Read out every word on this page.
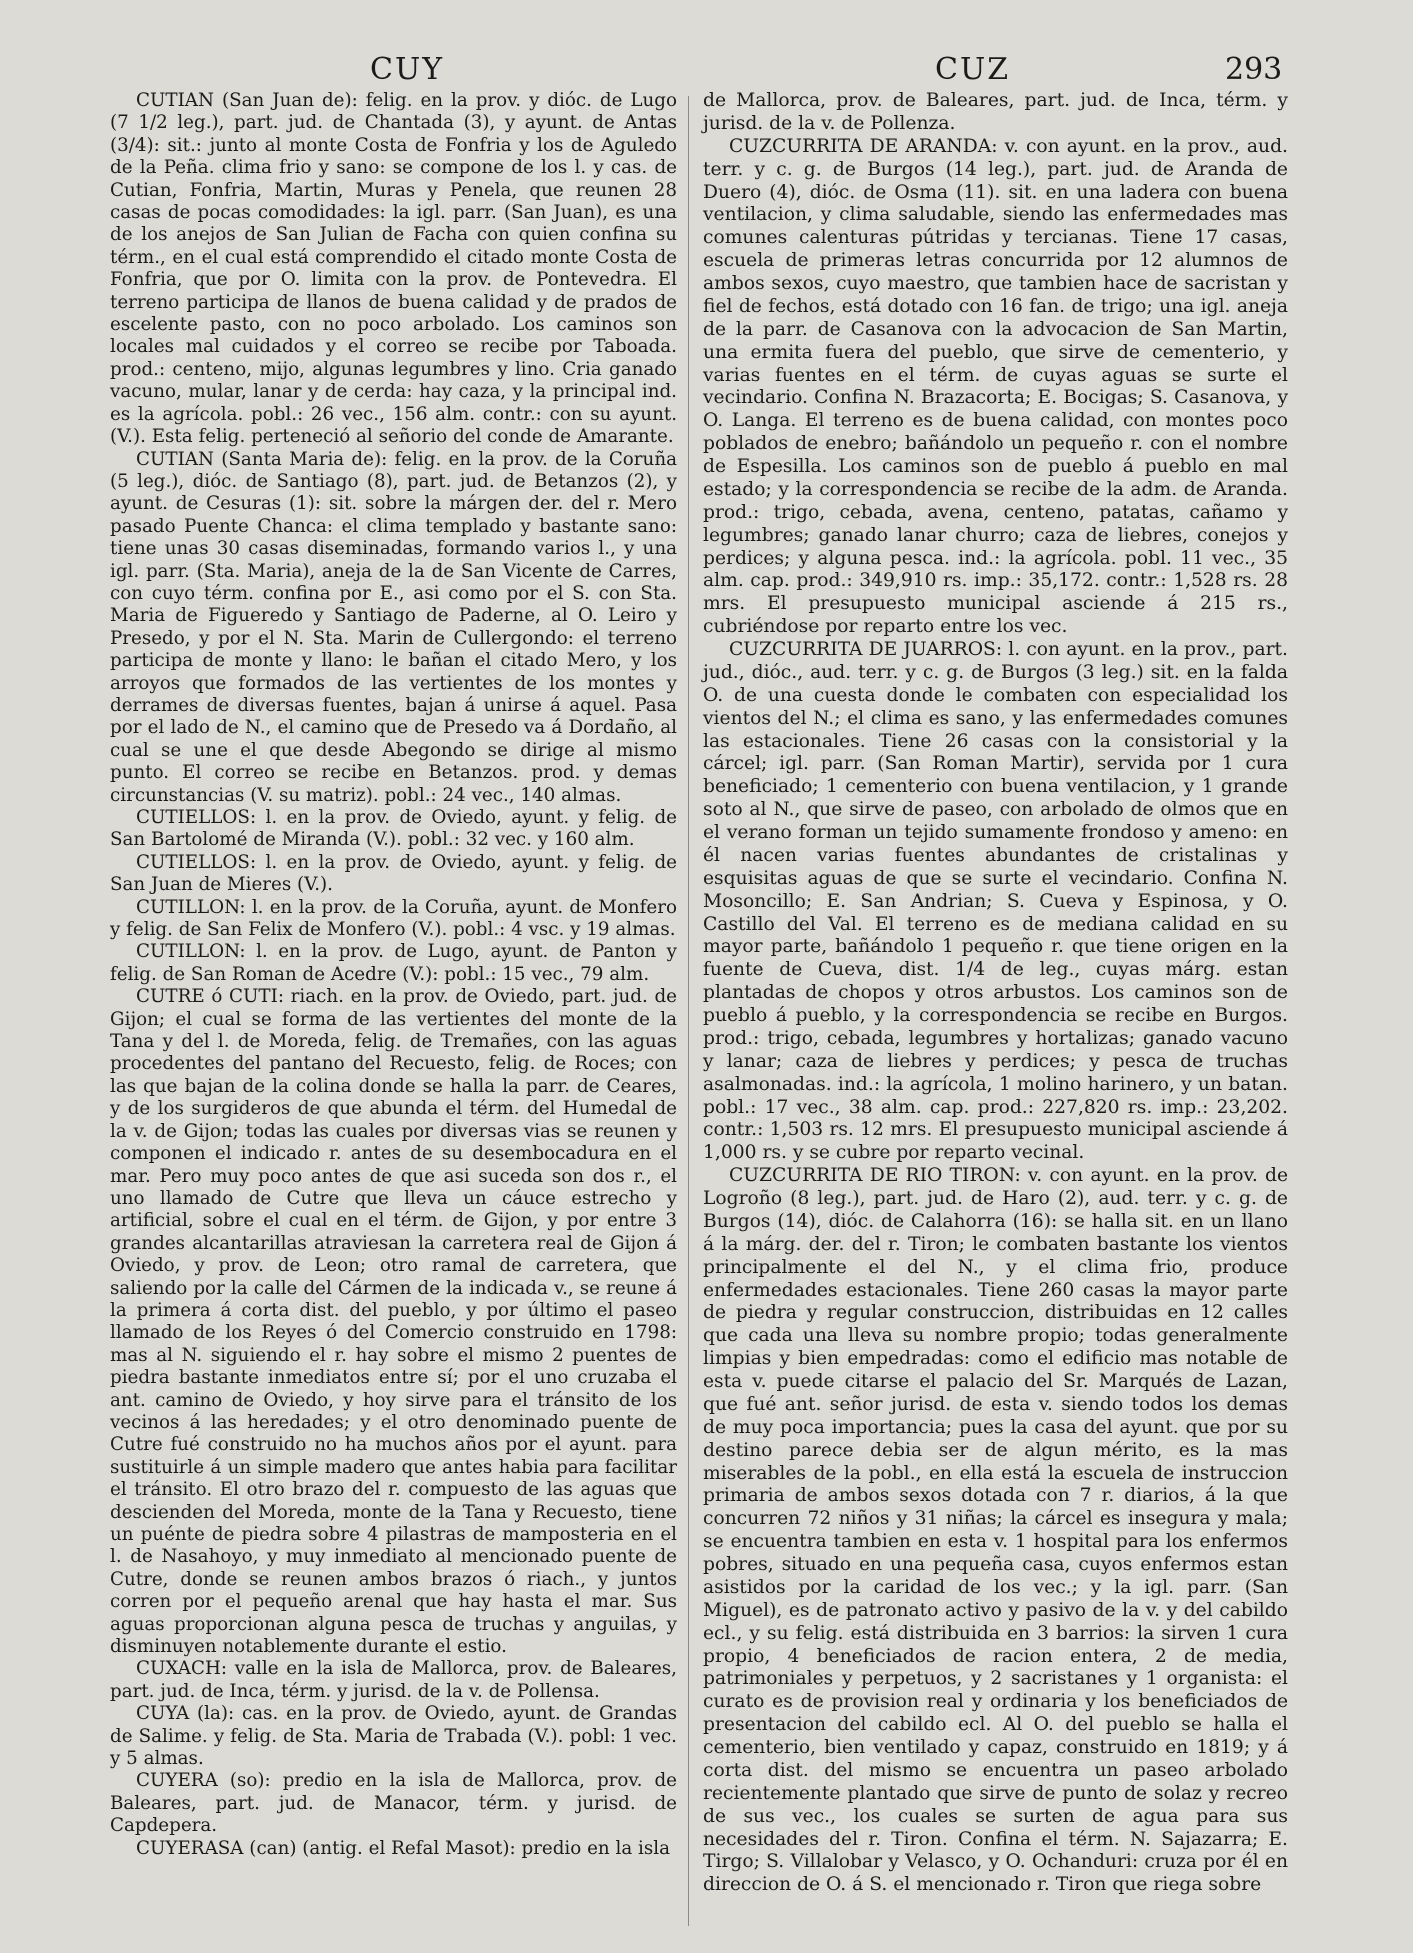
CUY	CUZ	293

CUTIAN (San Juan de): felig. en la prov. y dióc. de Lugo (7 1/2 leg.), part. jud. de Chantada (3), y ayunt. de Antas (3/4): sit.: junto al monte Costa de Fonfria y los de Aguledo de la Peña. clima frio y sano: se compone de los l. y cas. de Cutian, Fonfria, Martin, Muras y Penela, que reunen 28 casas de pocas comodidades: la igl. parr. (San Juan), es una de los anejos de San Julian de Facha con quien confina su térm., en el cual está comprendido el citado monte Costa de Fonfria, que por O. limita con la prov. de Pontevedra. El terreno participa de llanos de buena calidad y de prados de escelente pasto, con no poco arbolado. Los caminos son locales mal cuidados y el correo se recibe por Taboada. prod.: centeno, mijo, algunas legumbres y lino. Cria ganado vacuno, mular, lanar y de cerda: hay caza, y la principal ind. es la agrícola. pobl.: 26 vec., 156 alm. contr.: con su ayunt. (V.). Esta felig. perteneció al señorio del conde de Amarante.

CUTIAN (Santa Maria de): felig. en la prov. de la Coruña (5 leg.), dióc. de Santiago (8), part. jud. de Betanzos (2), y ayunt. de Cesuras (1): sit. sobre la márgen der. del r. Mero pasado Puente Chanca: el clima templado y bastante sano: tiene unas 30 casas diseminadas, formando varios l., y una igl. parr. (Sta. Maria), aneja de la de San Vicente de Carres, con cuyo térm. confina por E., asi como por el S. con Sta. Maria de Figueredo y Santiago de Paderne, al O. Leiro y Presedo, y por el N. Sta. Marin de Cullergondo: el terreno participa de monte y llano: le bañan el citado Mero, y los arroyos que formados de las vertientes de los montes y derrames de diversas fuentes, bajan á unirse á aquel. Pasa por el lado de N., el camino que de Presedo va á Dordaño, al cual se une el que desde Abegondo se dirige al mismo punto. El correo se recibe en Betanzos. prod. y demas circunstancias (V. su matriz). pobl.: 24 vec., 140 almas.

CUTIELLOS: l. en la prov. de Oviedo, ayunt. y felig. de San Bartolomé de Miranda (V.). pobl.: 32 vec. y 160 alm.

CUTIELLOS: l. en la prov. de Oviedo, ayunt. y felig. de San Juan de Mieres (V.).

CUTILLON: l. en la prov. de la Coruña, ayunt. de Monfero y felig. de San Felix de Monfero (V.). pobl.: 4 vsc. y 19 almas.

CUTILLON: l. en la prov. de Lugo, ayunt. de Panton y felig. de San Roman de Acedre (V.): pobl.: 15 vec., 79 alm.

CUTRE ó CUTI: riach. en la prov. de Oviedo, part. jud. de Gijon; el cual se forma de las vertientes del monte de la Tana y del l. de Moreda, felig. de Tremañes, con las aguas procedentes del pantano del Recuesto, felig. de Roces; con las que bajan de la colina donde se halla la parr. de Ceares, y de los surgideros de que abunda el térm. del Humedal de la v. de Gijon; todas las cuales por diversas vias se reunen y componen el indicado r. antes de su desembocadura en el mar. Pero muy poco antes de que asi suceda son dos r., el uno llamado de Cutre que lleva un cáuce estrecho y artificial, sobre el cual en el térm. de Gijon, y por entre 3 grandes alcantarillas atraviesan la carretera real de Gijon á Oviedo, y prov. de Leon; otro ramal de carretera, que saliendo por la calle del Cármen de la indicada v., se reune á la primera á corta dist. del pueblo, y por último el paseo llamado de los Reyes ó del Comercio construido en 1798: mas al N. siguiendo el r. hay sobre el mismo 2 puentes de piedra bastante inmediatos entre sí; por el uno cruzaba el ant. camino de Oviedo, y hoy sirve para el tránsito de los vecinos á las heredades; y el otro denominado puente de Cutre fué construido no ha muchos años por el ayunt. para sustituirle á un simple madero que antes habia para facilitar el tránsito. El otro brazo del r. compuesto de las aguas que descienden del Moreda, monte de la Tana y Recuesto, tiene un puénte de piedra sobre 4 pilastras de mamposteria en el l. de Nasahoyo, y muy inmediato al mencionado puente de Cutre, donde se reunen ambos brazos ó riach., y juntos corren por el pequeño arenal que hay hasta el mar. Sus aguas proporcionan alguna pesca de truchas y anguilas, y disminuyen notablemente durante el estio.

CUXACH: valle en la isla de Mallorca, prov. de Baleares, part. jud. de Inca, térm. y jurisd. de la v. de Pollensa.

CUYA (la): cas. en la prov. de Oviedo, ayunt. de Grandas de Salime. y felig. de Sta. Maria de Trabada (V.). pobl: 1 vec. y 5 almas.

CUYERA (so): predio en la isla de Mallorca, prov. de Baleares, part. jud. de Manacor, térm. y jurisd. de Capdepera.

CUYERASA (can) (antig. el Refal Masot): predio en la isla

de Mallorca, prov. de Baleares, part. jud. de Inca, térm. y jurisd. de la v. de Pollenza.

CUZCURRITA DE ARANDA: v. con ayunt. en la prov., aud. terr. y c. g. de Burgos (14 leg.), part. jud. de Aranda de Duero (4), dióc. de Osma (11). sit. en una ladera con buena ventilacion, y clima saludable, siendo las enfermedades mas comunes calenturas pútridas y tercianas. Tiene 17 casas, escuela de primeras letras concurrida por 12 alumnos de ambos sexos, cuyo maestro, que tambien hace de sacristan y fiel de fechos, está dotado con 16 fan. de trigo; una igl. aneja de la parr. de Casanova con la advocacion de San Martin, una ermita fuera del pueblo, que sirve de cementerio, y varias fuentes en el térm. de cuyas aguas se surte el vecindario. Confina N. Brazacorta; E. Bocigas; S. Casanova, y O. Langa. El terreno es de buena calidad, con montes poco poblados de enebro; bañándolo un pequeño r. con el nombre de Espesilla. Los caminos son de pueblo á pueblo en mal estado; y la correspondencia se recibe de la adm. de Aranda. prod.: trigo, cebada, avena, centeno, patatas, cañamo y legumbres; ganado lanar churro; caza de liebres, conejos y perdices; y alguna pesca. ind.: la agrícola. pobl. 11 vec., 35 alm. cap. prod.: 349,910 rs. imp.: 35,172. contr.: 1,528 rs. 28 mrs. El presupuesto municipal asciende á 215 rs., cubriéndose por reparto entre los vec.

CUZCURRITA DE JUARROS: l. con ayunt. en la prov., part. jud., dióc., aud. terr. y c. g. de Burgos (3 leg.) sit. en la falda O. de una cuesta donde le combaten con especialidad los vientos del N.; el clima es sano, y las enfermedades comunes las estacionales. Tiene 26 casas con la consistorial y la cárcel; igl. parr. (San Roman Martir), servida por 1 cura beneficiado; 1 cementerio con buena ventilacion, y 1 grande soto al N., que sirve de paseo, con arbolado de olmos que en el verano forman un tejido sumamente frondoso y ameno: en él nacen varias fuentes abundantes de cristalinas y esquisitas aguas de que se surte el vecindario. Confina N. Mosoncillo; E. San Andrian; S. Cueva y Espinosa, y O. Castillo del Val. El terreno es de mediana calidad en su mayor parte, bañándolo 1 pequeño r. que tiene origen en la fuente de Cueva, dist. 1/4 de leg., cuyas márg. estan plantadas de chopos y otros arbustos. Los caminos son de pueblo á pueblo, y la correspondencia se recibe en Burgos. prod.: trigo, cebada, legumbres y hortalizas; ganado vacuno y lanar; caza de liebres y perdices; y pesca de truchas asalmonadas. ind.: la agrícola, 1 molino harinero, y un batan. pobl.: 17 vec., 38 alm. cap. prod.: 227,820 rs. imp.: 23,202. contr.: 1,503 rs. 12 mrs. El presupuesto municipal asciende á 1,000 rs. y se cubre por reparto vecinal.

CUZCURRITA DE RIO TIRON: v. con ayunt. en la prov. de Logroño (8 leg.), part. jud. de Haro (2), aud. terr. y c. g. de Burgos (14), dióc. de Calahorra (16): se halla sit. en un llano á la márg. der. del r. Tiron; le combaten bastante los vientos principalmente el del N., y el clima frio, produce enfermedades estacionales. Tiene 260 casas la mayor parte de piedra y regular construccion, distribuidas en 12 calles que cada una lleva su nombre propio; todas generalmente limpias y bien empedradas: como el edificio mas notable de esta v. puede citarse el palacio del Sr. Marqués de Lazan, que fué ant. señor jurisd. de esta v. siendo todos los demas de muy poca importancia; pues la casa del ayunt. que por su destino parece debia ser de algun mérito, es la mas miserables de la pobl., en ella está la escuela de instruccion primaria de ambos sexos dotada con 7 r. diarios, á la que concurren 72 niños y 31 niñas; la cárcel es insegura y mala; se encuentra tambien en esta v. 1 hospital para los enfermos pobres, situado en una pequeña casa, cuyos enfermos estan asistidos por la caridad de los vec.; y la igl. parr. (San Miguel), es de patronato activo y pasivo de la v. y del cabildo ecl., y su felig. está distribuida en 3 barrios: la sirven 1 cura propio, 4 beneficiados de racion entera, 2 de media, patrimoniales y perpetuos, y 2 sacristanes y 1 organista: el curato es de provision real y ordinaria y los beneficiados de presentacion del cabildo ecl. Al O. del pueblo se halla el cementerio, bien ventilado y capaz, construido en 1819; y á corta dist. del mismo se encuentra un paseo arbolado recientemente plantado que sirve de punto de solaz y recreo de sus vec., los cuales se surten de agua para sus necesidades del r. Tiron. Confina el térm. N. Sajazarra; E. Tirgo; S. Villalobar y Velasco, y O. Ochanduri: cruza por él en direccion de O. á S. el mencionado r. Tiron que riega sobre
